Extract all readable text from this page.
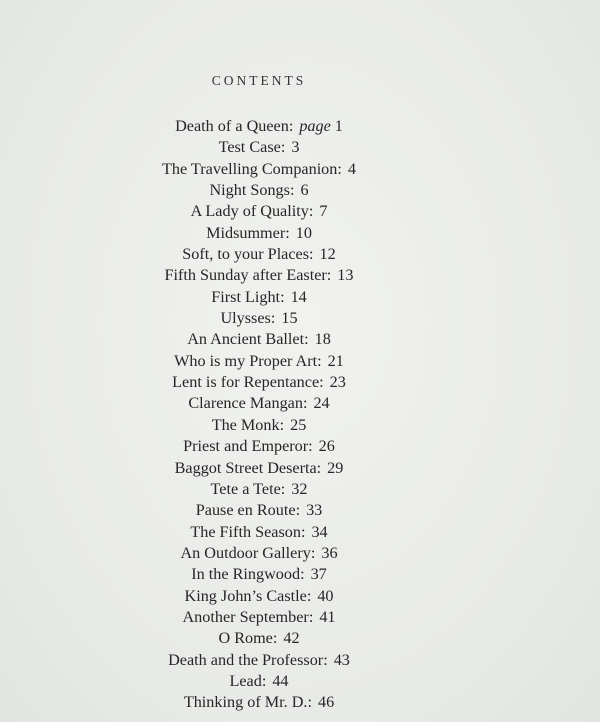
CONTENTS
Death of a Queen: page 1
Test Case: 3
The Travelling Companion: 4
Night Songs: 6
A Lady of Quality: 7
Midsummer: 10
Soft, to your Places: 12
Fifth Sunday after Easter: 13
First Light: 14
Ulysses: 15
An Ancient Ballet: 18
Who is my Proper Art: 21
Lent is for Repentance: 23
Clarence Mangan: 24
The Monk: 25
Priest and Emperor: 26
Baggot Street Deserta: 29
Tete a Tete: 32
Pause en Route: 33
The Fifth Season: 34
An Outdoor Gallery: 36
In the Ringwood: 37
King John’s Castle: 40
Another September: 41
O Rome: 42
Death and the Professor: 43
Lead: 44
Thinking of Mr. D.: 46
